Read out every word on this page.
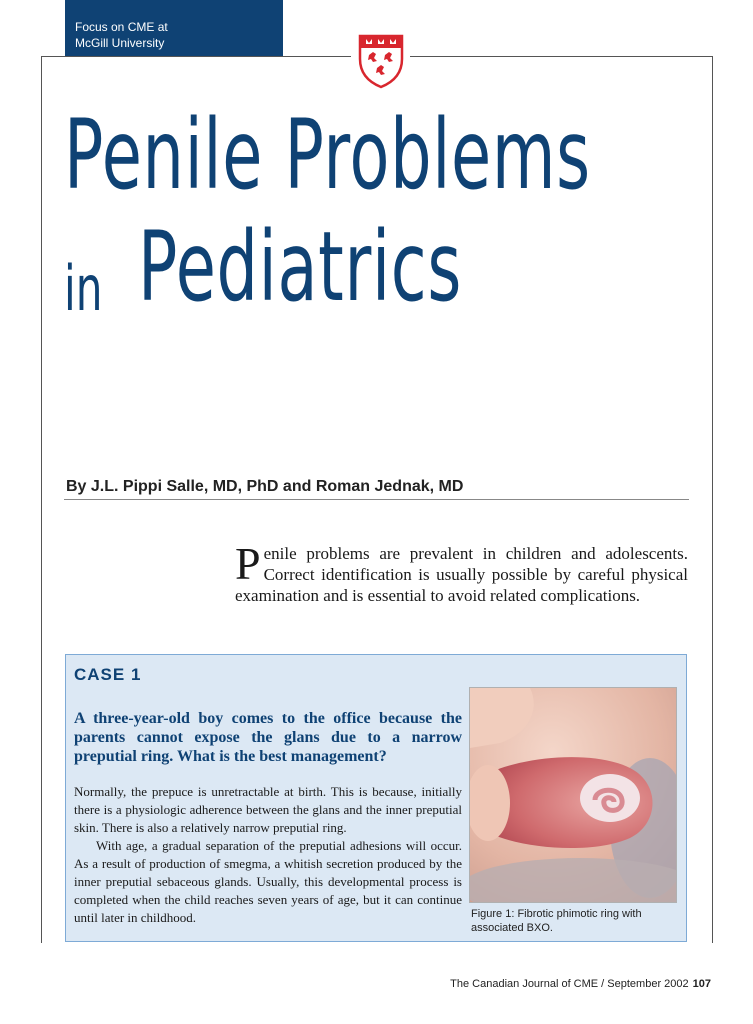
Focus on CME at
McGill University
Penile Problems
in Pediatrics
By J.L. Pippi Salle, MD, PhD and Roman Jednak, MD
Penile problems are prevalent in children and adolescents. Correct identification is usually possible by careful physical examination and is essential to avoid related complications.
CASE 1
A three-year-old boy comes to the office because the parents cannot expose the glans due to a narrow preputial ring. What is the best management?

Normally, the prepuce is unretractable at birth. This is because, initially there is a physiologic adherence between the glans and the inner preputial skin. There is also a relatively narrow preputial ring.

With age, a gradual separation of the preputial adhesions will occur. As a result of production of smegma, a whitish secretion produced by the inner preputial sebaceous glands. Usually, this developmental process is completed when the child reaches seven years of age, but it can continue until later in childhood.	Figure 1: Fibrotic phimotic ring with associated BXO.
The Canadian Journal of CME / September 2002 107
